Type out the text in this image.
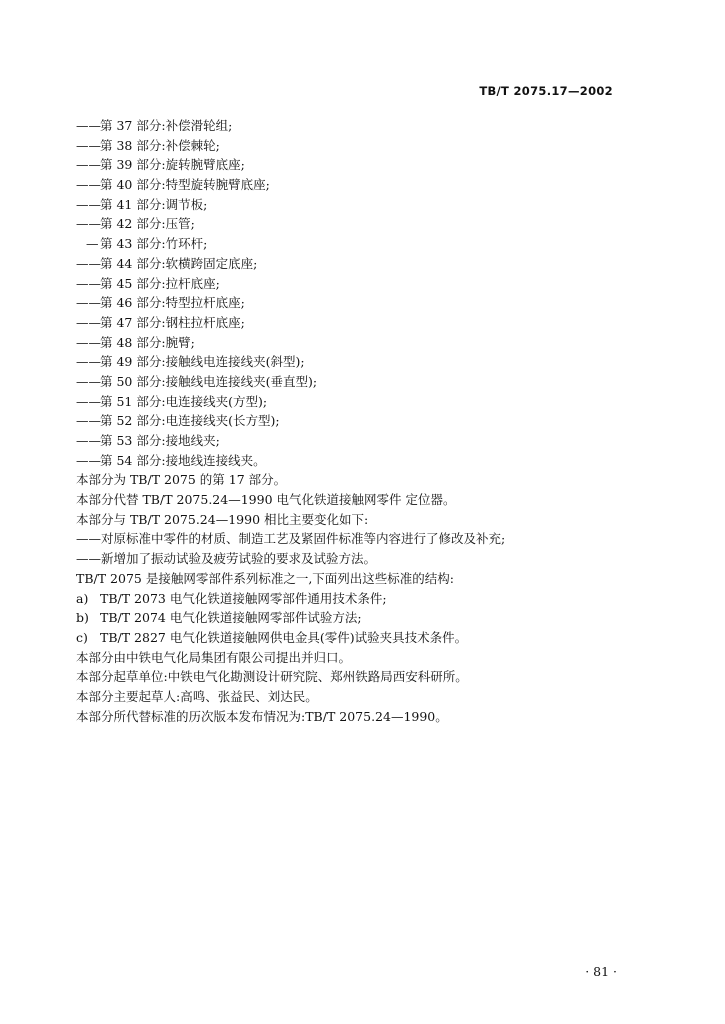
TB/T 2075.17—2002
——第 37 部分:补偿滑轮组;
——第 38 部分:补偿棘轮;
——第 39 部分:旋转腕臂底座;
——第 40 部分:特型旋转腕臂底座;
——第 41 部分:调节板;
——第 42 部分:压管;
— 第 43 部分:竹环杆;
——第 44 部分:软横跨固定底座;
——第 45 部分:拉杆底座;
——第 46 部分:特型拉杆底座;
——第 47 部分:钢柱拉杆底座;
——第 48 部分:腕臂;
——第 49 部分:接触线电连接线夹(斜型);
——第 50 部分:接触线电连接线夹(垂直型);
——第 51 部分:电连接线夹(方型);
——第 52 部分:电连接线夹(长方型);
——第 53 部分:接地线夹;
——第 54 部分:接地线连接线夹。
本部分为 TB/T 2075 的第 17 部分。
本部分代替 TB/T 2075.24—1990 电气化铁道接触网零件 定位器。
本部分与 TB/T 2075.24—1990 相比主要变化如下:
——对原标准中零件的材质、制造工艺及紧固件标准等内容进行了修改及补充;
——新增加了振动试验及疲劳试验的要求及试验方法。
TB/T 2075 是接触网零部件系列标准之一,下面列出这些标准的结构:
a) TB/T 2073 电气化铁道接触网零部件通用技术条件;
b) TB/T 2074 电气化铁道接触网零部件试验方法;
c) TB/T 2827 电气化铁道接触网供电金具(零件)试验夹具技术条件。
本部分由中铁电气化局集团有限公司提出并归口。
本部分起草单位:中铁电气化勘测设计研究院、郑州铁路局西安科研所。
本部分主要起草人:高鸣、张益民、刘达民。
本部分所代替标准的历次版本发布情况为:TB/T 2075.24—1990。
· 81 ·
